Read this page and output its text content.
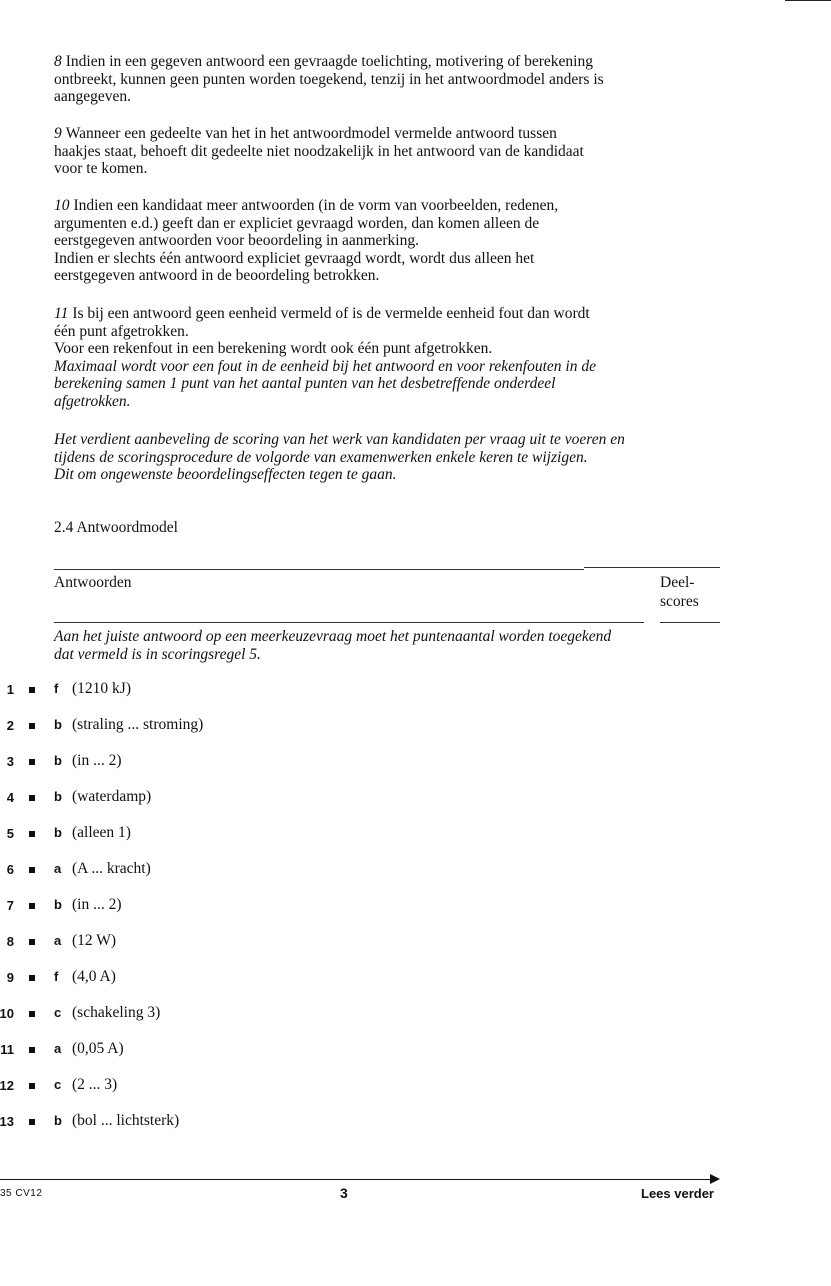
8 Indien in een gegeven antwoord een gevraagde toelichting, motivering of berekening
ontbreekt, kunnen geen punten worden toegekend, tenzij in het antwoordmodel anders is
aangegeven.
9 Wanneer een gedeelte van het in het antwoordmodel vermelde antwoord tussen
haakjes staat, behoeft dit gedeelte niet noodzakelijk in het antwoord van de kandidaat
voor te komen.
10 Indien een kandidaat meer antwoorden (in de vorm van voorbeelden, redenen,
argumenten e.d.) geeft dan er expliciet gevraagd worden, dan komen alleen de
eerstgegeven antwoorden voor beoordeling in aanmerking.
Indien er slechts één antwoord expliciet gevraagd wordt, wordt dus alleen het
eerstgegeven antwoord in de beoordeling betrokken.
11 Is bij een antwoord geen eenheid vermeld of is de vermelde eenheid fout dan wordt
één punt afgetrokken.
Voor een rekenfout in een berekening wordt ook één punt afgetrokken.
Maximaal wordt voor een fout in de eenheid bij het antwoord en voor rekenfouten in de
berekening samen 1 punt van het aantal punten van het desbetreffende onderdeel
afgetrokken.
Het verdient aanbeveling de scoring van het werk van kandidaten per vraag uit te voeren en
tijdens de scoringsprocedure de volgorde van examenwerken enkele keren te wijzigen.
Dit om ongewenste beoordelingseffecten tegen te gaan.
2.4 Antwoordmodel
Antwoorden	Deel-
scores
Aan het juiste antwoord op een meerkeuzevraag moet het puntenaantal worden toegekend
dat vermeld is in scoringsregel 5.
1	f (1210 kJ)
2	b (straling ... stroming)
3	b (in ... 2)
4	b (waterdamp)
5	b (alleen 1)
6	a (A ... kracht)
7	b (in ... 2)
8	a (12 W)
9	f (4,0 A)
10	c (schakeling 3)
11	a (0,05 A)
12	c (2 ... 3)
13	b (bol ... lichtsterk)
35 CV12	3	Lees verder
